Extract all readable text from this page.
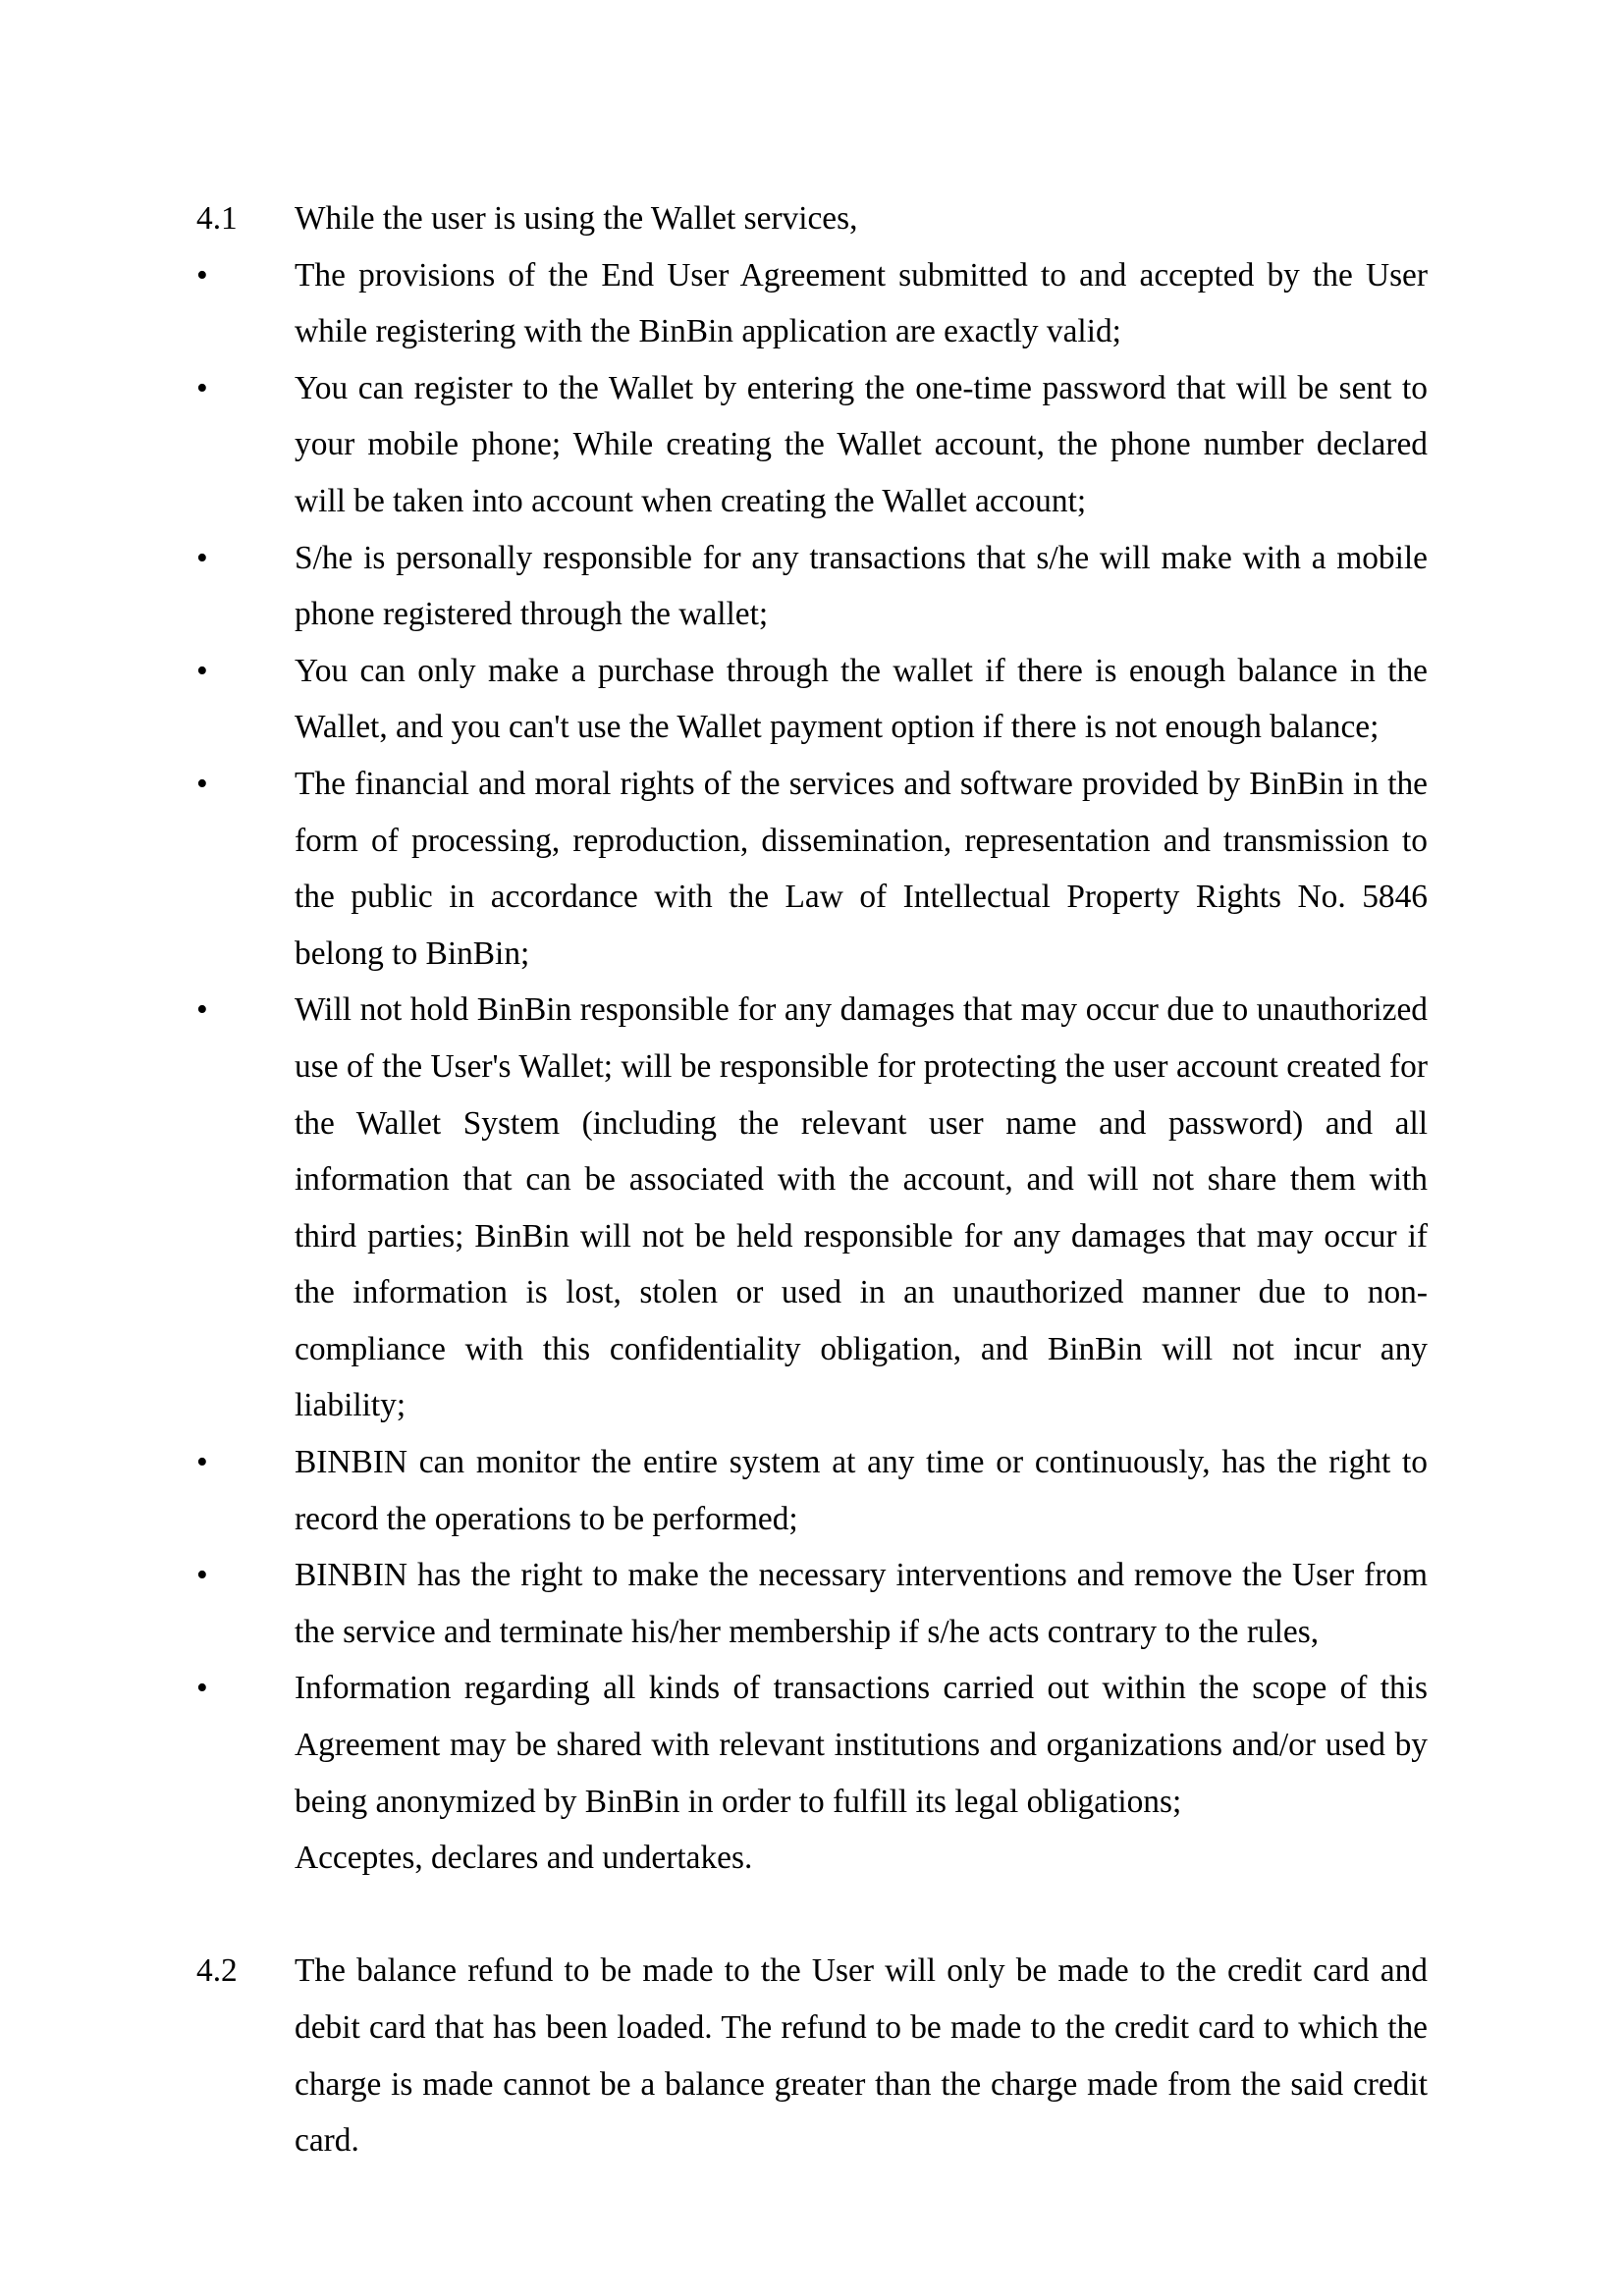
4.1	While the user is using the Wallet services,
•	The provisions of the End User Agreement submitted to and accepted by the User while registering with the BinBin application are exactly valid;
•	You can register to the Wallet by entering the one-time password that will be sent to your mobile phone; While creating the Wallet account, the phone number declared will be taken into account when creating the Wallet account;
•	S/he is personally responsible for any transactions that s/he will make with a mobile phone registered through the wallet;
•	You can only make a purchase through the wallet if there is enough balance in the Wallet, and you can't use the Wallet payment option if there is not enough balance;
•	The financial and moral rights of the services and software provided by BinBin in the form of processing, reproduction, dissemination, representation and transmission to the public in accordance with the Law of Intellectual Property Rights No. 5846 belong to BinBin;
•	Will not hold BinBin responsible for any damages that may occur due to unauthorized use of the User's Wallet; will be responsible for protecting the user account created for the Wallet System (including the relevant user name and password) and all information that can be associated with the account, and will not share them with third parties; BinBin will not be held responsible for any damages that may occur if the information is lost, stolen or used in an unauthorized manner due to non-compliance with this confidentiality obligation, and BinBin will not incur any liability;
•	BINBIN can monitor the entire system at any time or continuously, has the right to record the operations to be performed;
•	BINBIN has the right to make the necessary interventions and remove the User from the service and terminate his/her membership if s/he acts contrary to the rules,
•	Information regarding all kinds of transactions carried out within the scope of this Agreement may be shared with relevant institutions and organizations and/or used by being anonymized by BinBin in order to fulfill its legal obligations;
Acceptes, declares and undertakes.
4.2	The balance refund to be made to the User will only be made to the credit card and debit card that has been loaded. The refund to be made to the credit card to which the charge is made cannot be a balance greater than the charge made from the said credit card.
